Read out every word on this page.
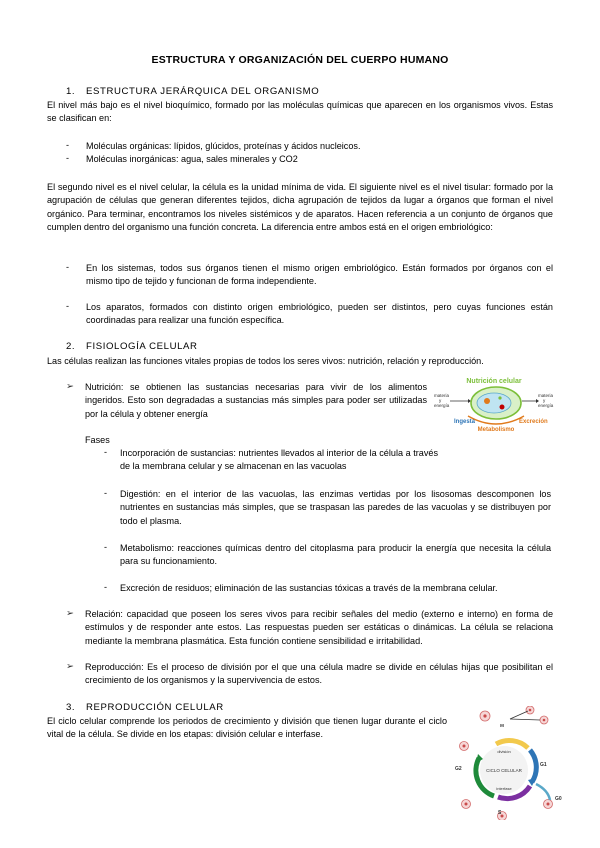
ESTRUCTURA Y ORGANIZACIÓN DEL CUERPO HUMANO
1. ESTRUCTURA JERÁRQUICA DEL ORGANISMO
El nivel más bajo es el nivel bioquímico, formado por las moléculas químicas que aparecen en los organismos vivos. Estas se clasifican en:
- Moléculas orgánicas: lípidos, glúcidos, proteínas y ácidos nucleicos.
- Moléculas inorgánicas: agua, sales minerales y CO2
El segundo nivel es el nivel celular, la célula es la unidad mínima de vida. El siguiente nivel es el nivel tisular: formado por la agrupación de células que generan diferentes tejidos, dicha agrupación de tejidos da lugar a órganos que forman el nivel orgánico. Para terminar, encontramos los niveles sistémicos y de aparatos. Hacen referencia a un conjunto de órganos que cumplen dentro del organismo una función concreta. La diferencia entre ambos está en el origen embriológico:
- En los sistemas, todos sus órganos tienen el mismo origen embriológico. Están formados por órganos con el mismo tipo de tejido y funcionan de forma independiente.
- Los aparatos, formados con distinto origen embriológico, pueden ser distintos, pero cuyas funciones están coordinadas para realizar una función específica.
2. FISIOLOGÍA CELULAR
Las células realizan las funciones vitales propias de todos los seres vivos: nutrición, relación y reproducción.
➢ Nutrición: se obtienen las sustancias necesarias para vivir de los alimentos ingeridos. Esto son degradadas a sustancias más simples para poder ser utilizadas por la célula y obtener energía
Nutrición celular
materia
y
energía
materia
y
energía
Ingesta	Excreción
Metabolismo
Fases
- Incorporación de sustancias: nutrientes llevados al interior de la célula a través de la membrana celular y se almacenan en las vacuolas
- Digestión: en el interior de las vacuolas, las enzimas vertidas por los lisosomas descomponen los nutrientes en sustancias más simples, que se traspasan las paredes de las vacuolas y se distribuyen por todo el plasma.
- Metabolismo: reacciones químicas dentro del citoplasma para producir la energía que necesita la célula para su funcionamiento.
- Excreción de residuos; eliminación de las sustancias tóxicas a través de la membrana celular.
➢ Relación: capacidad que poseen los seres vivos para recibir señales del medio (externo e interno) en forma de estímulos y de responder ante estos. Las respuestas pueden ser estáticas o dinámicas. La célula se relaciona mediante la membrana plasmática. Esta función contiene sensibilidad e irritabilidad.
➢ Reproducción: Es el proceso de división por el que una célula madre se divide en células hijas que posibilitan el crecimiento de los organismos y la supervivencia de estos.
3. REPRODUCCIÓN CELULAR
El ciclo celular comprende los periodos de crecimiento y división que tienen lugar durante el ciclo vital de la célula. Se divide en los etapas: división celular e interfase.
CICLO CELULAR
división
interfase
M
G1
G0
S
G2
